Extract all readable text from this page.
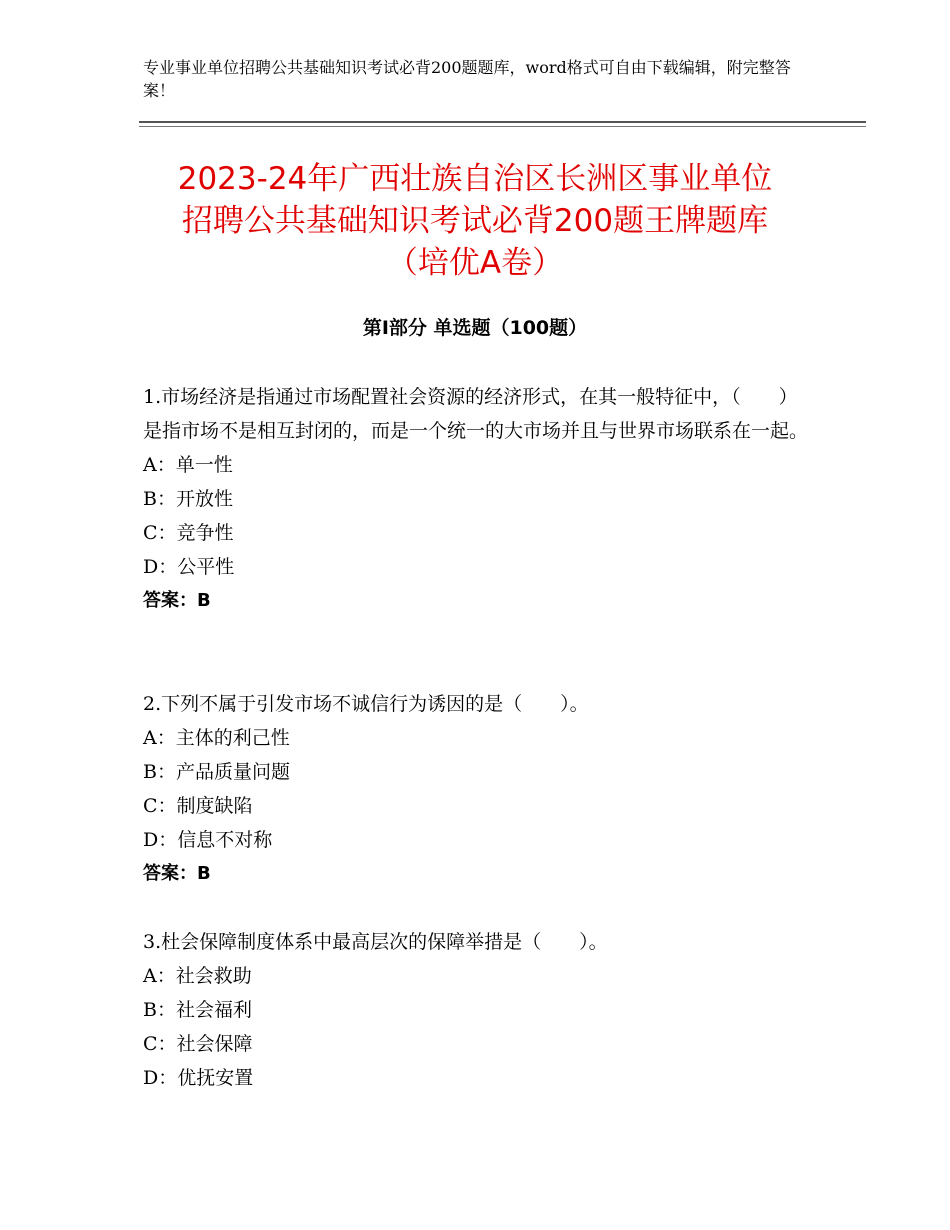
专业事业单位招聘公共基础知识考试必背200题题库，word格式可自由下载编辑，附完整答案！
2023-24年广西壮族自治区长洲区事业单位
招聘公共基础知识考试必背200题王牌题库
（培优A卷）
第Ⅰ部分 单选题（100题）

1.市场经济是指通过市场配置社会资源的经济形式，在其一般特征中，（　　）是指市场不是相互封闭的，而是一个统一的大市场并且与世界市场联系在一起。

A：单一性

B：开放性

C：竞争性

D：公平性

答案：B

2.下列不属于引发市场不诚信行为诱因的是（　　）。

A：主体的利己性

B：产品质量问题

C：制度缺陷

D：信息不对称

答案：B

3.杜会保障制度体系中最高层次的保障举措是（　　）。

A：社会救助

B：社会福利

C：社会保障

D：优抚安置
